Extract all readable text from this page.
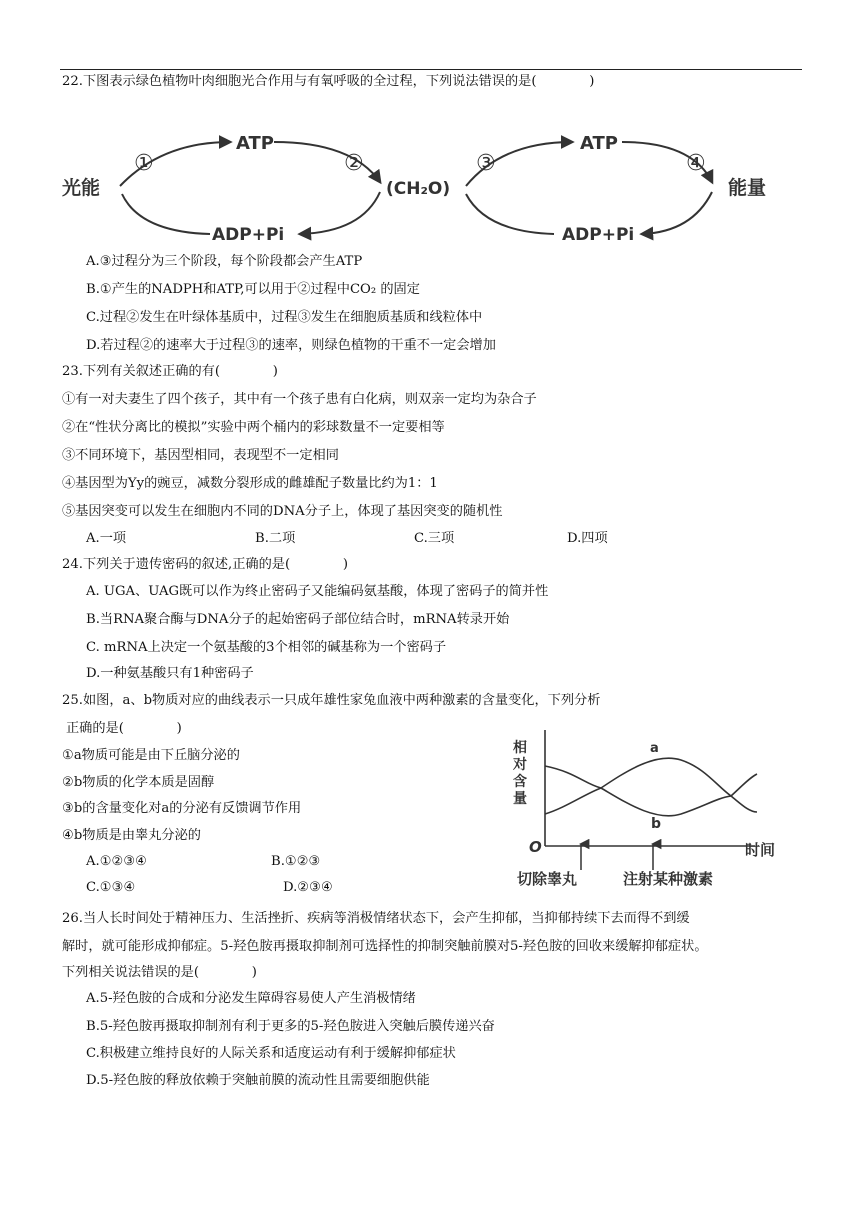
22.下图表示绿色植物叶肉细胞光合作用与有氧呼吸的全过程，下列说法错误的是(　　　　)
光能
ATP
ADP+Pi
(CH₂O)
ATP
ADP+Pi
能量
①	②	③	④
A.③过程分为三个阶段，每个阶段都会产生ATP
B.①产生的NADPH和ATP,可以用于②过程中CO₂ 的固定
C.过程②发生在叶绿体基质中，过程③发生在细胞质基质和线粒体中
D.若过程②的速率大于过程③的速率，则绿色植物的干重不一定会增加
23.下列有关叙述正确的有(　　　　)
①有一对夫妻生了四个孩子，其中有一个孩子患有白化病，则双亲一定均为杂合子
②在“性状分离比的模拟”实验中两个桶内的彩球数量不一定要相等
③不同环境下，基因型相同，表现型不一定相同
④基因型为Yy的豌豆，减数分裂形成的雌雄配子数量比约为1：1
⑤基因突变可以发生在细胞内不同的DNA分子上，体现了基因突变的随机性
A.一项	B.二项	C.三项	D.四项
24.下列关于遗传密码的叙述,正确的是(　　　　)
A. UGA、UAG既可以作为终止密码子又能编码氨基酸，体现了密码子的简并性
B.当RNA聚合酶与DNA分子的起始密码子部位结合时，mRNA转录开始
C. mRNA上决定一个氨基酸的3个相邻的碱基称为一个密码子
D.一种氨基酸只有1种密码子
25.如图，a、b物质对应的曲线表示一只成年雄性家兔血液中两种激素的含量变化，下列分析
正确的是(　　　　)
①a物质可能是由下丘脑分泌的
②b物质的化学本质是固醇
③b的含量变化对a的分泌有反馈调节作用
④b物质是由睾丸分泌的
A.①②③④	B.①②③
C.①③④	D.②③④
相
对
含
量
O	时间
a
b
切除睾丸	注射某种激素
26.当人长时间处于精神压力、生活挫折、疾病等消极情绪状态下，会产生抑郁，当抑郁持续下去而得不到缓
解时，就可能形成抑郁症。5-羟色胺再摄取抑制剂可选择性的抑制突触前膜对5-羟色胺的回收来缓解抑郁症状。
下列相关说法错误的是(　　　　)
A.5-羟色胺的合成和分泌发生障碍容易使人产生消极情绪
B.5-羟色胺再摄取抑制剂有利于更多的5-羟色胺进入突触后膜传递兴奋
C.积极建立维持良好的人际关系和适度运动有利于缓解抑郁症状
D.5-羟色胺的释放依赖于突触前膜的流动性且需要细胞供能
